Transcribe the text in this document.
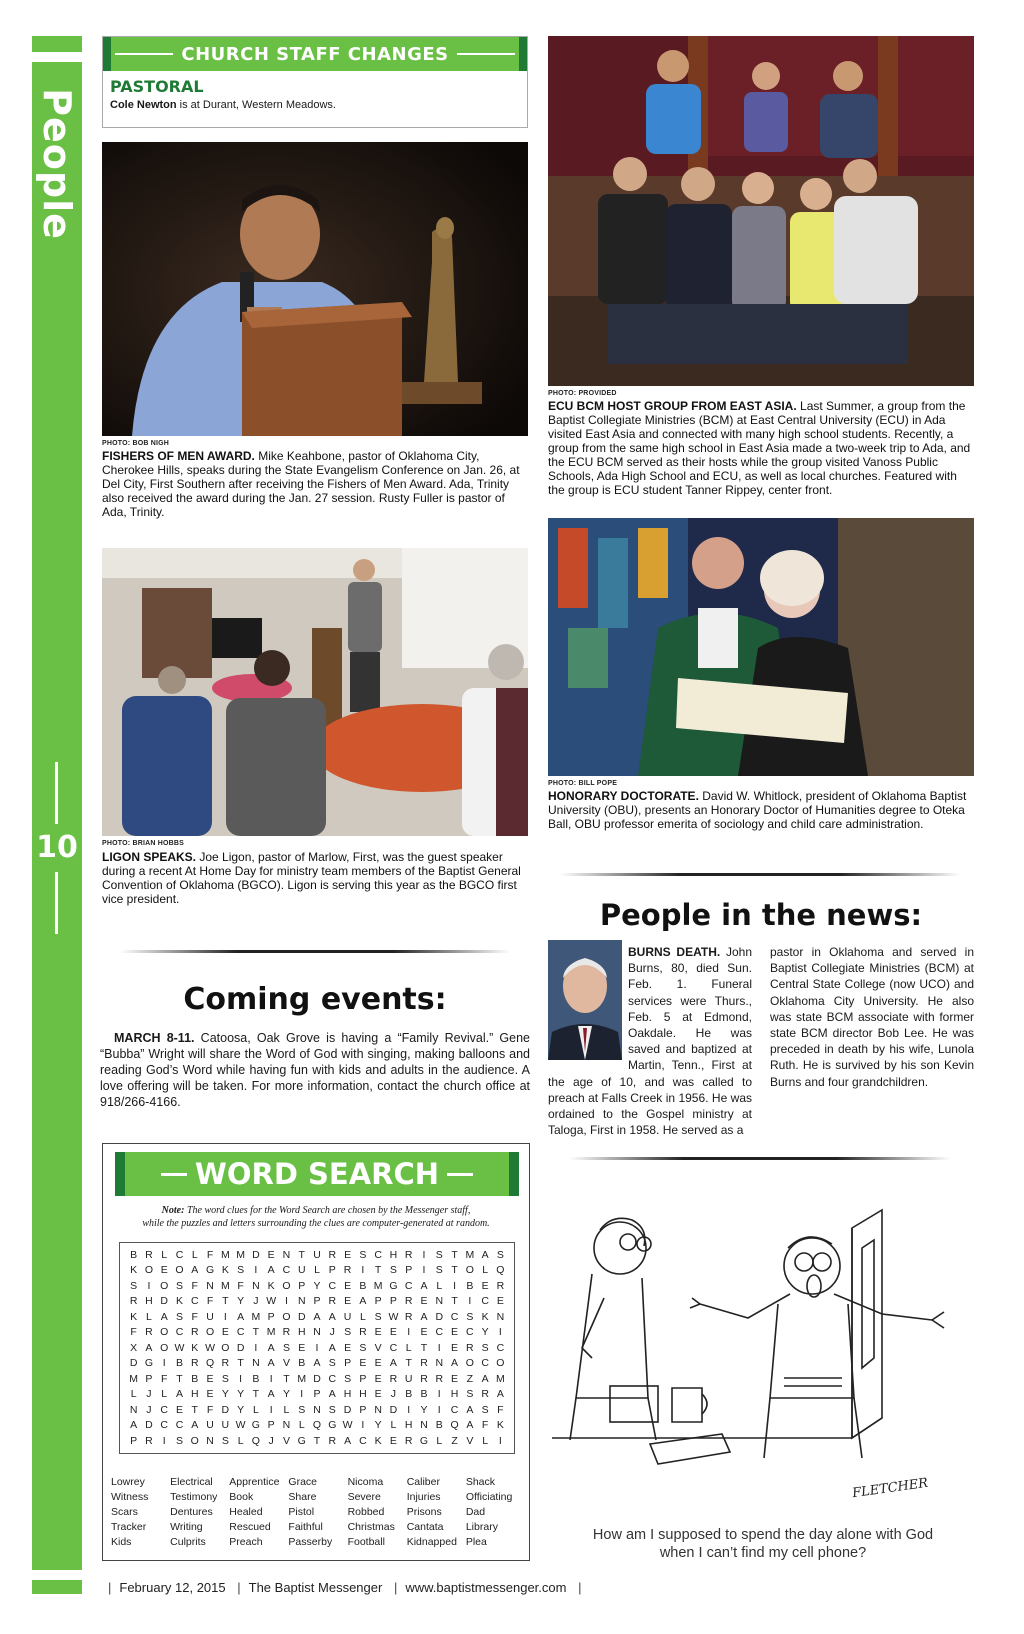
People
10
| February 12, 2015 | The Baptist Messenger | www.baptistmessenger.com |
CHURCH STAFF CHANGES
PASTORAL
Cole Newton is at Durant, Western Meadows.
PHOTO: BOB NIGH
FISHERS OF MEN AWARD. Mike Keahbone, pastor of Oklahoma City, Cherokee Hills, speaks during the State Evangelism Conference on Jan. 26, at Del City, First Southern after receiving the Fishers of Men Award. Ada, Trinity also received the award during the Jan. 27 session. Rusty Fuller is pastor of Ada, Trinity.
PHOTO: PROVIDED
ECU BCM HOST GROUP FROM EAST ASIA. Last Summer, a group from the Baptist Collegiate Ministries (BCM) at East Central University (ECU) in Ada visited East Asia and connected with many high school students. Recently, a group from the same high school in East Asia made a two-week trip to Ada, and the ECU BCM served as their hosts while the group visited Vanoss Public Schools, Ada High School and ECU, as well as local churches. Featured with the group is ECU student Tanner Rippey, center front.
PHOTO: BRIAN HOBBS
LIGON SPEAKS. Joe Ligon, pastor of Marlow, First, was the guest speaker during a recent At Home Day for ministry team members of the Baptist General Convention of Oklahoma (BGCO). Ligon is serving this year as the BGCO first vice president.
PHOTO: BILL POPE
HONORARY DOCTORATE. David W. Whitlock, president of Oklahoma Baptist University (OBU), presents an Honorary Doctor of Humanities degree to Oteka Ball, OBU professor emerita of sociology and child care administration.
Coming events:
MARCH 8-11. Catoosa, Oak Grove is having a “Family Revival.” Gene “Bubba” Wright will share the Word of God with singing, making balloons and reading God’s Word while having fun with kids and adults in the audience. A love offering will be taken. For more information, contact the church office at 918/266-4166.
People in the news:
BURNS DEATH. John Burns, 80, died Sun. Feb. 1. Funeral services were Thurs., Feb. 5 at Edmond, Oakdale. He was saved and baptized at Martin, Tenn., First at the age of 10, and was called to preach at Falls Creek in 1956. He was ordained to the Gospel ministry at Taloga, First in 1958. He served as a
pastor in Oklahoma and served in Baptist Collegiate Ministries (BCM) at Central State College (now UCO) and Oklahoma City University. He also was state BCM associate with former state BCM director Bob Lee. He was preceded in death by his wife, Lunola Ruth. He is survived by his son Kevin Burns and four grandchildren.
WORD SEARCH
Note: The word clues for the Word Search are chosen by the Messenger staff,
while the puzzles and letters surrounding the clues are computer-generated at random.
B R L C L F M M D E N T U R E S C H R I S T M A S
K O E O A G K S I A C U L P R I	T S P I S T O L Q
S I O S F N M F N K O P Y C E B M G C A L	I B E R
R H D K C F T Y J W I N P R E A P P R E N T	I C E
K L A S F U I A M P O D A A U L S W R A D C S K N
F R O C R O E C T M R H N J S R E E I E C E C Y I
X A O W K W O D I A S E I A E S V C L T	I E R S C
D G I B R Q R T N A V B A S P E E A T R N A O C O
M P F T B E S I B I	T M D C S P E R U R R E Z A M
L J L A H E Y Y T A Y I P A H H E J B B I H S R A
N J C E T F D Y L	I	L S N S D P N D I Y I C A S F
A D C C A U U W G P N L Q G W I Y L H N B Q A F K
P R I S O N S L Q J V G T R A C K E R G L Z V L	I
Lowrey	Electrical	Apprentice Grace	Nicoma	Caliber	Shack
Witness	Testimony	Book	Share	Severe	Injuries	Officiating
Scars	Dentures	Healed	Pistol	Robbed	Prisons	Dad
Tracker	Writing	Rescued	Faithful	Christmas	Cantata	Library
Kids	Culprits	Preach	Passerby	Football	Kidnapped Plea
FLETCHER
How am I supposed to spend the day alone with God
when I can’t find my cell phone?
